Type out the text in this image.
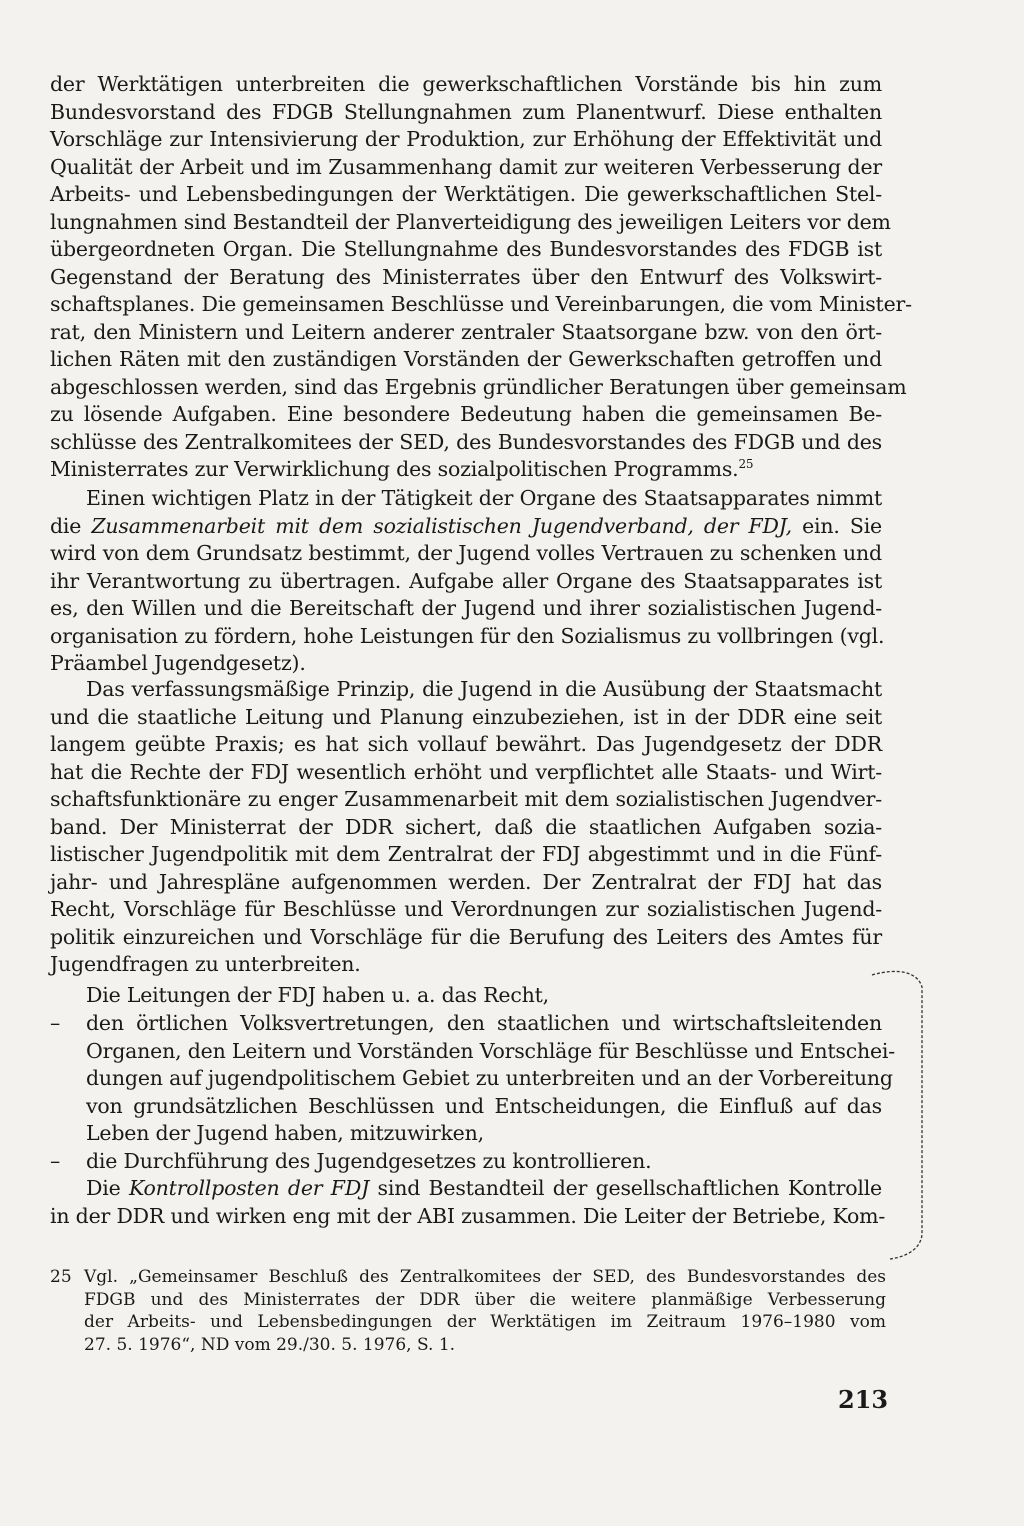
der Werktätigen unterbreiten die gewerkschaftlichen Vorstände bis hin zum
Bundesvorstand des FDGB Stellungnahmen zum Planentwurf. Diese enthalten
Vorschläge zur Intensivierung der Produktion, zur Erhöhung der Effektivität und
Qualität der Arbeit und im Zusammenhang damit zur weiteren Verbesserung der
Arbeits- und Lebensbedingungen der Werktätigen. Die gewerkschaftlichen Stel-
lungnahmen sind Bestandteil der Planverteidigung des jeweiligen Leiters vor dem
übergeordneten Organ. Die Stellungnahme des Bundesvorstandes des FDGB ist
Gegenstand der Beratung des Ministerrates über den Entwurf des Volkswirt-
schaftsplanes. Die gemeinsamen Beschlüsse und Vereinbarungen, die vom Minister-
rat, den Ministern und Leitern anderer zentraler Staatsorgane bzw. von den ört-
lichen Räten mit den zuständigen Vorständen der Gewerkschaften getroffen und
abgeschlossen werden, sind das Ergebnis gründlicher Beratungen über gemeinsam
zu lösende Aufgaben. Eine besondere Bedeutung haben die gemeinsamen Be-
schlüsse des Zentralkomitees der SED, des Bundesvorstandes des FDGB und des
Ministerrates zur Verwirklichung des sozialpolitischen Programms.$^{25}$
Einen wichtigen Platz in der Tätigkeit der Organe des Staatsapparates nimmt
die Zusammenarbeit mit dem sozialistischen Jugendverband, der FDJ, ein. Sie
wird von dem Grundsatz bestimmt, der Jugend volles Vertrauen zu schenken und
ihr Verantwortung zu übertragen. Aufgabe aller Organe des Staatsapparates ist
es, den Willen und die Bereitschaft der Jugend und ihrer sozialistischen Jugend-
organisation zu fördern, hohe Leistungen für den Sozialismus zu vollbringen (vgl.
Präambel Jugendgesetz).
Das verfassungsmäßige Prinzip, die Jugend in die Ausübung der Staatsmacht
und die staatliche Leitung und Planung einzubeziehen, ist in der DDR eine seit
langem geübte Praxis; es hat sich vollauf bewährt. Das Jugendgesetz der DDR
hat die Rechte der FDJ wesentlich erhöht und verpflichtet alle Staats- und Wirt-
schaftsfunktionäre zu enger Zusammenarbeit mit dem sozialistischen Jugendver-
band. Der Ministerrat der DDR sichert, daß die staatlichen Aufgaben sozia-
listischer Jugendpolitik mit dem Zentralrat der FDJ abgestimmt und in die Fünf-
jahr- und Jahrespläne aufgenommen werden. Der Zentralrat der FDJ hat das
Recht, Vorschläge für Beschlüsse und Verordnungen zur sozialistischen Jugend-
politik einzureichen und Vorschläge für die Berufung des Leiters des Amtes für
Jugendfragen zu unterbreiten.
Die Leitungen der FDJ haben u. a. das Recht,
– den örtlichen Volksvertretungen, den staatlichen und wirtschaftsleitenden
Organen, den Leitern und Vorständen Vorschläge für Beschlüsse und Entschei-
dungen auf jugendpolitischem Gebiet zu unterbreiten und an der Vorbereitung
von grundsätzlichen Beschlüssen und Entscheidungen, die Einfluß auf das
Leben der Jugend haben, mitzuwirken,
– die Durchführung des Jugendgesetzes zu kontrollieren.
Die Kontrollposten der FDJ sind Bestandteil der gesellschaftlichen Kontrolle
in der DDR und wirken eng mit der ABI zusammen. Die Leiter der Betriebe, Kom-
25 Vgl. „Gemeinsamer Beschluß des Zentralkomitees der SED, des Bundesvorstandes des
FDGB und des Ministerrates der DDR über die weitere planmäßige Verbesserung
der Arbeits- und Lebensbedingungen der Werktätigen im Zeitraum 1976–1980 vom
27. 5. 1976“, ND vom 29./30. 5. 1976, S. 1.
213
